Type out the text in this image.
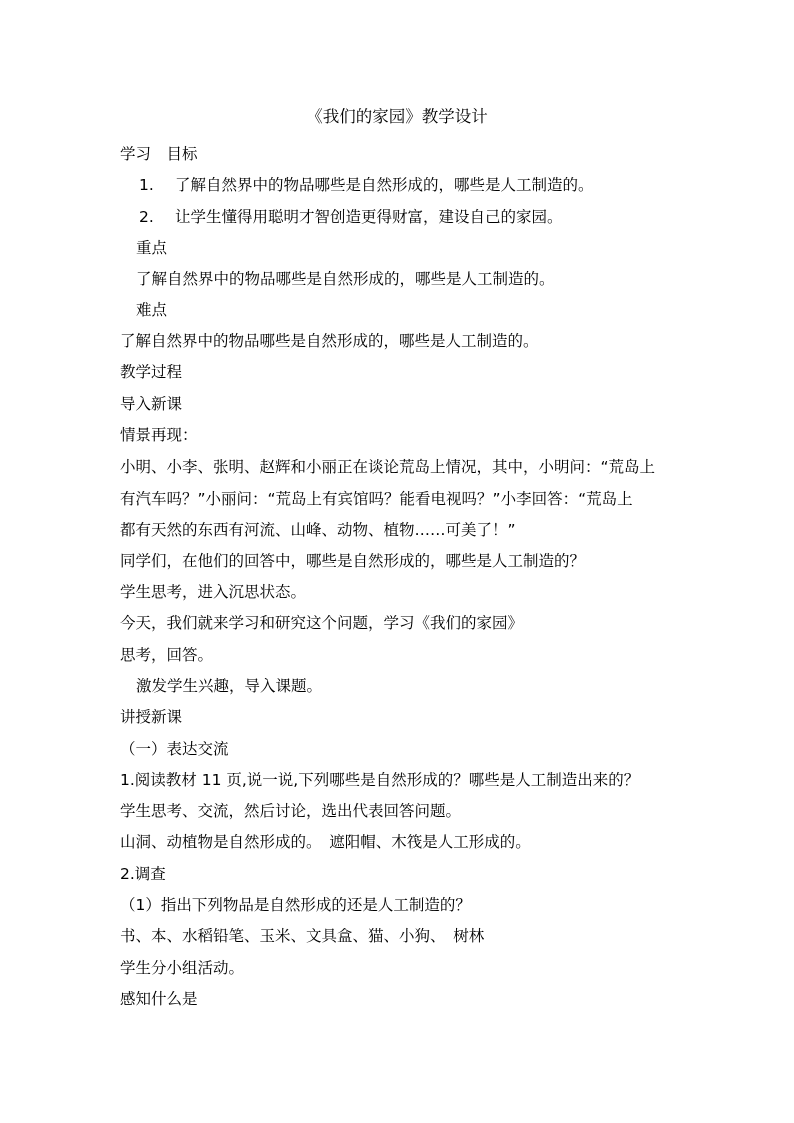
《我们的家园》教学设计
学习　目标
1. 了解自然界中的物品哪些是自然形成的，哪些是人工制造的。
2. 让学生懂得用聪明才智创造更得财富，建设自己的家园。
重点
了解自然界中的物品哪些是自然形成的，哪些是人工制造的。
难点
了解自然界中的物品哪些是自然形成的，哪些是人工制造的。
教学过程
导入新课
情景再现：
小明、小李、张明、赵辉和小丽正在谈论荒岛上情况，其中，小明问：“荒岛上
有汽车吗？”小丽问：“荒岛上有宾馆吗？能看电视吗？”小李回答：“荒岛上
都有天然的东西有河流、山峰、动物、植物……可美了！”
同学们，在他们的回答中，哪些是自然形成的，哪些是人工制造的？
学生思考，进入沉思状态。
今天，我们就来学习和研究这个问题，学习《我们的家园》
思考，回答。
激发学生兴趣，导入课题。
讲授新课
（一）表达交流
1.阅读教材 11 页,说一说,下列哪些是自然形成的？哪些是人工制造出来的？
学生思考、交流，然后讨论，选出代表回答问题。
山洞、动植物是自然形成的。　遮阳帽、木筏是人工形成的。
2.调查
（1）指出下列物品是自然形成的还是人工制造的？
书、本、水稻铅笔、玉米、文具盒、猫、小狗、　树林
学生分小组活动。
感知什么是
